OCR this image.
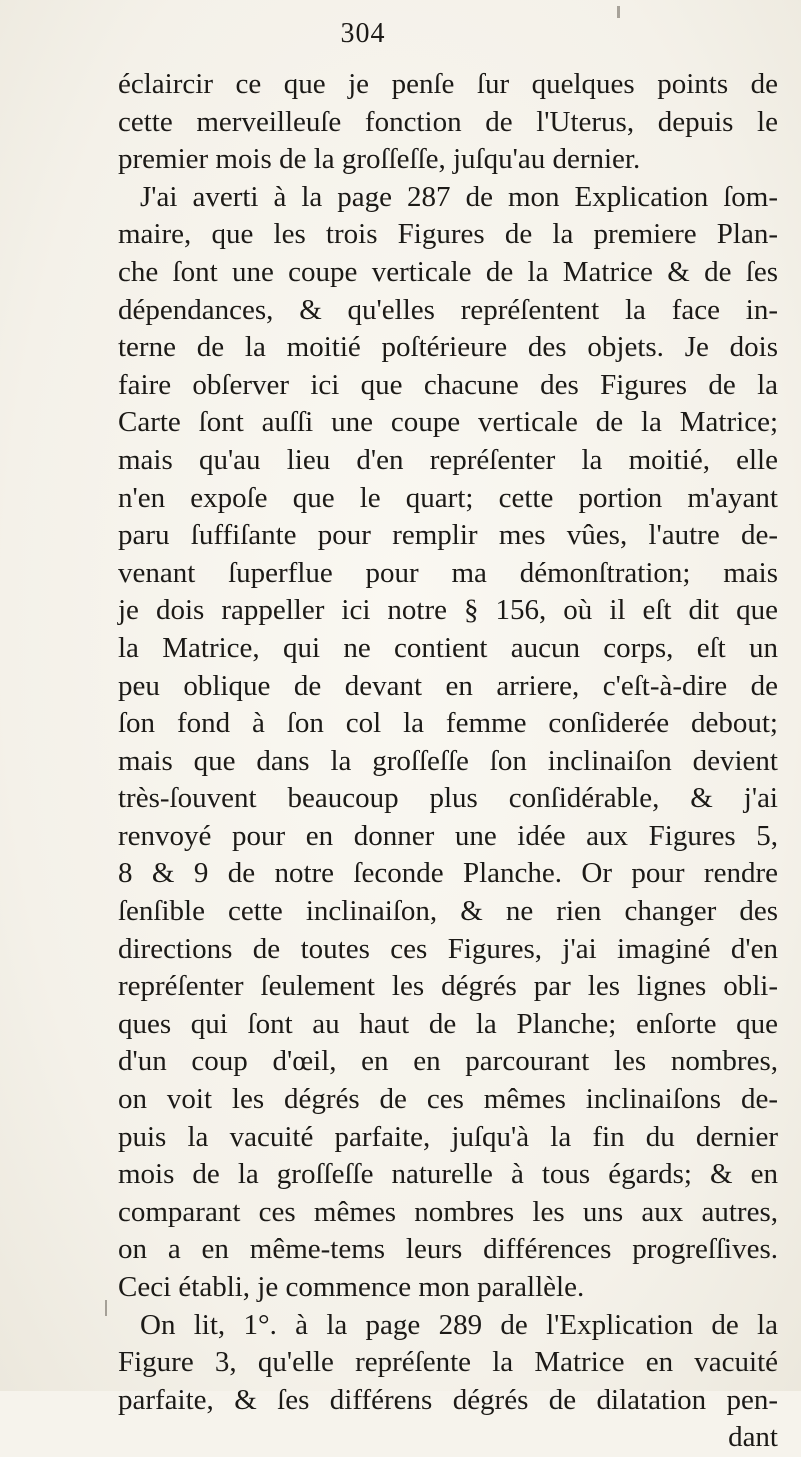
304
éclaircir ce que je penſe ſur quelques points de
cette merveilleuſe fonction de l'Uterus, depuis le
premier mois de la groſſeſſe, juſqu'au dernier.
J'ai averti à la page 287 de mon Explication ſom-
maire, que les trois Figures de la premiere Plan-
che ſont une coupe verticale de la Matrice & de ſes
dépendances, & qu'elles repréſentent la face in-
terne de la moitié poſtérieure des objets. Je dois
faire obſerver ici que chacune des Figures de la
Carte ſont auſſi une coupe verticale de la Matrice;
mais qu'au lieu d'en repréſenter la moitié, elle
n'en expoſe que le quart; cette portion m'ayant
paru ſuffiſante pour remplir mes vûes, l'autre de-
venant ſuperflue pour ma démonſtration; mais
je dois rappeller ici notre § 156, où il eſt dit que
la Matrice, qui ne contient aucun corps, eſt un
peu oblique de devant en arriere, c'eſt-à-dire de
ſon fond à ſon col la femme conſiderée debout;
mais que dans la groſſeſſe ſon inclinaiſon devient
très-ſouvent beaucoup plus conſidérable, & j'ai
renvoyé pour en donner une idée aux Figures 5,
8 & 9 de notre ſeconde Planche. Or pour rendre
ſenſible cette inclinaiſon, & ne rien changer des
directions de toutes ces Figures, j'ai imaginé d'en
repréſenter ſeulement les dégrés par les lignes obli-
ques qui ſont au haut de la Planche; enſorte que
d'un coup d'œil, en en parcourant les nombres,
on voit les dégrés de ces mêmes inclinaiſons de-
puis la vacuité parfaite, juſqu'à la fin du dernier
mois de la groſſeſſe naturelle à tous égards; & en
comparant ces mêmes nombres les uns aux autres,
on a en même-tems leurs différences progreſſives.
Ceci établi, je commence mon parallèle.
On lit, 1°. à la page 289 de l'Explication de la
Figure 3, qu'elle repréſente la Matrice en vacuité
parfaite, & ſes différens dégrés de dilatation pen-
dant
